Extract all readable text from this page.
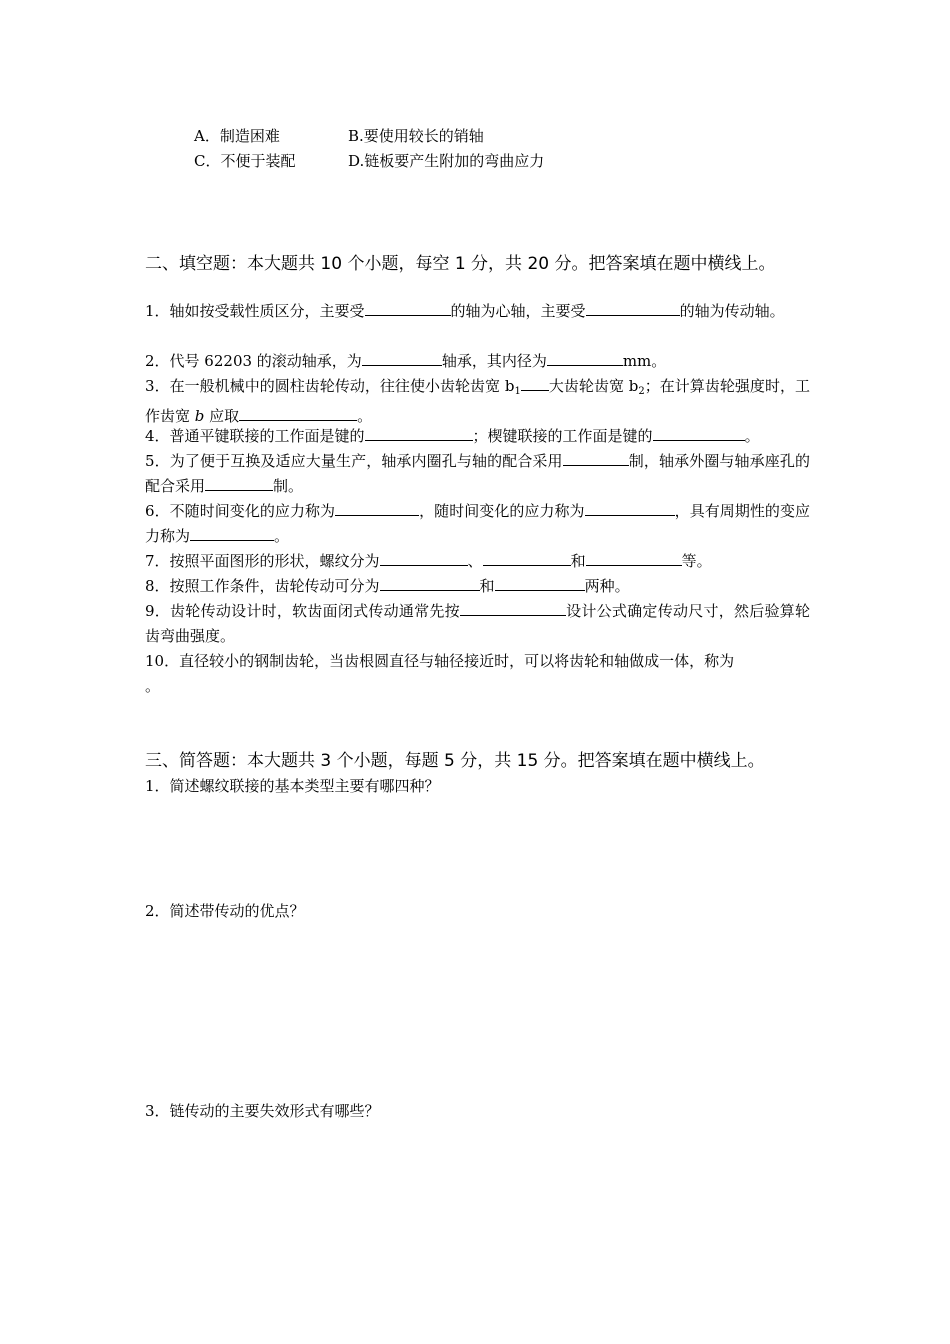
A．制造困难	B.要使用较长的销轴
C．不便于装配	D.链板要产生附加的弯曲应力
二、填空题：本大题共 10 个小题，每空 1 分，共 20 分。把答案填在题中横线上。
1．轴如按受载性质区分，主要受	的轴为心轴，主要受	的轴为传动轴。
2．代号 62203 的滚动轴承，为	轴承，其内径为	mm。
3．在一般机械中的圆柱齿轮传动，往往使小齿轮齿宽 $b_1$ 大齿轮齿宽 $b_2$；在计算齿轮强度时，工作齿宽 b 应取	。
4．普通平键联接的工作面是键的	；楔键联接的工作面是键的	。
5．为了便于互换及适应大量生产，轴承内圈孔与轴的配合采用	制，轴承外圈与轴承座孔的配合采用	制。
6．不随时间变化的应力称为	，随时间变化的应力称为	，具有周期性的变应力称为	。
7．按照平面图形的形状，螺纹分为	、	和	等。
8．按照工作条件，齿轮传动可分为	和	两种。
9．齿轮传动设计时，软齿面闭式传动通常先按	设计公式确定传动尺寸，然后验算轮齿弯曲强度。
10．直径较小的钢制齿轮，当齿根圆直径与轴径接近时，可以将齿轮和轴做成一体，称为
。
三、简答题：本大题共 3 个小题，每题 5 分，共 15 分。把答案填在题中横线上。
1．简述螺纹联接的基本类型主要有哪四种？
2．简述带传动的优点？
3．链传动的主要失效形式有哪些？
